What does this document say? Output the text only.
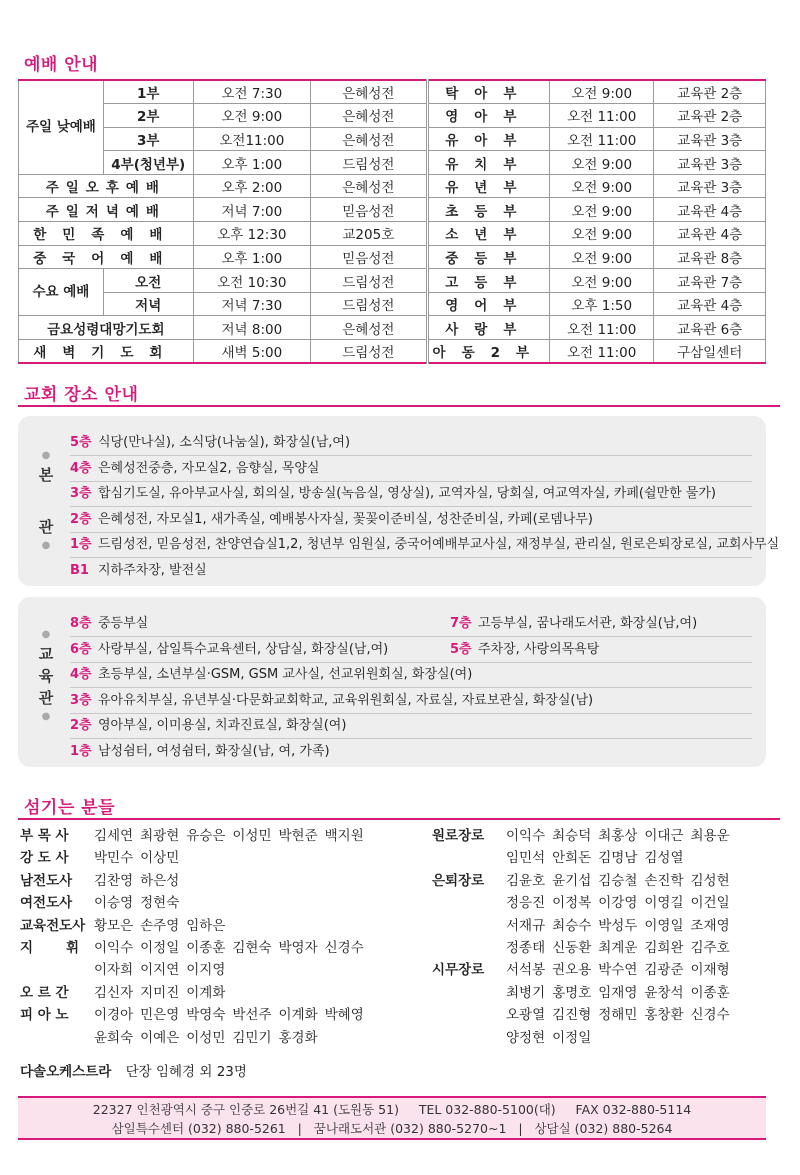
예배 안내
주일 낮예배	1부	오전 7:30	은혜성전	탁아부	오전 9:00	교육관 2층
	2부	오전 9:00	은혜성전	영아부	오전 11:00	교육관 2층
	3부	오전11:00	은혜성전	유아부	오전 11:00	교육관 3층
	4부(청년부)	오후 1:00	드림성전	유치부	오전 9:00	교육관 3층
주일오후예배		오후 2:00	은혜성전	유년부	오전 9:00	교육관 3층
주일저녁예배		저녁 7:00	믿음성전	초등부	오전 9:00	교육관 4층
한민족예배		오후 12:30	교205호	소년부	오전 9:00	교육관 4층
중국어예배		오후 1:00	믿음성전	중등부	오전 9:00	교육관 8층
수요 예배	오전	오전 10:30	드림성전	고등부	오전 9:00	교육관 7층
	저녁	저녁 7:30	드림성전	영어부	오후 1:50	교육관 4층
금요성령대망기도회		저녁 8:00	은혜성전	사랑부	오전 11:00	교육관 6층
새벽기도회		새벽 5:00	드림성전	아동2부	오전 11:00	구삼일센터
교회 장소 안내
●
본
관
●
5층 식당(만나실), 소식당(나눔실), 화장실(남,여)
4층 은혜성전중층, 자모실2, 음향실, 목양실
3층 합심기도실, 유아부교사실, 회의실, 방송실(녹음실, 영상실), 교역자실, 당회실, 여교역자실, 카페(쉴만한 물가)
2층 은혜성전, 자모실1, 새가족실, 예배봉사자실, 꽃꽂이준비실, 성찬준비실, 카페(로뎀나무)
1층 드림성전, 믿음성전, 찬양연습실1,2, 청년부 임원실, 중국어예배부교사실, 재정부실, 관리실, 원로은퇴장로실, 교회사무실
B1 지하주차장, 발전실
●
교
육
관
●
8층 중등부실	7층 고등부실, 꿈나래도서관, 화장실(남,여)
6층 사랑부실, 삼일특수교육센터, 상담실, 화장실(남,여)	5층 주차장, 사랑의목욕탕
4층 초등부실, 소년부실·GSM, GSM 교사실, 선교위원회실, 화장실(여)
3층 유아유치부실, 유년부실·다문화교회학교, 교육위원회실, 자료실, 자료보관실, 화장실(남)
2층 영아부실, 이미용실, 치과진료실, 화장실(여)
1층 남성쉼터, 여성쉼터, 화장실(남, 여, 가족)
섬기는 분들
부 목 사 김세연 최광현 유승은 이성민 박현준 백지원
강 도 사 박민수 이상민
남전도사 김찬영 하은성
여전도사 이승영 정현숙
교육전도사 황모은 손주영 임하은
지       휘 이익수 이정일 이종훈 김현숙 박영자 신경수
이자희 이지연 이지영
오 르 간 김신자 지미진 이계화
피 아 노 이경아 민은영 박영숙 박선주 이계화 박혜영
윤희숙 이예은 이성민 김민기 홍경화
다솔오케스트라 단장 임혜경 외 23명
원로장로 이익수 최승덕 최홍상 이대근 최용운
임민석 안희돈 김명남 김성열
은퇴장로 김윤호 윤기섭 김승철 손진학 김성현
정응진 이정복 이강영 이영길 이건일
서재규 최승수 박성두 이영일 조재영
정종태 신동환 최계운 김희완 김주호
시무장로 서석봉 권오용 박수연 김광준 이재형
최병기 홍명호 임재영 윤창석 이종훈
오광열 김진형 정해민 홍창환 신경수
양정현 이정일
22327 인천광역시 중구 인중로 26번길 41 (도원동 51)     TEL 032-880-5100(대)     FAX 032-880-5114
삼일특수센터 (032) 880-5261   |   꿈나래도서관 (032) 880-5270~1   |   상담실 (032) 880-5264
